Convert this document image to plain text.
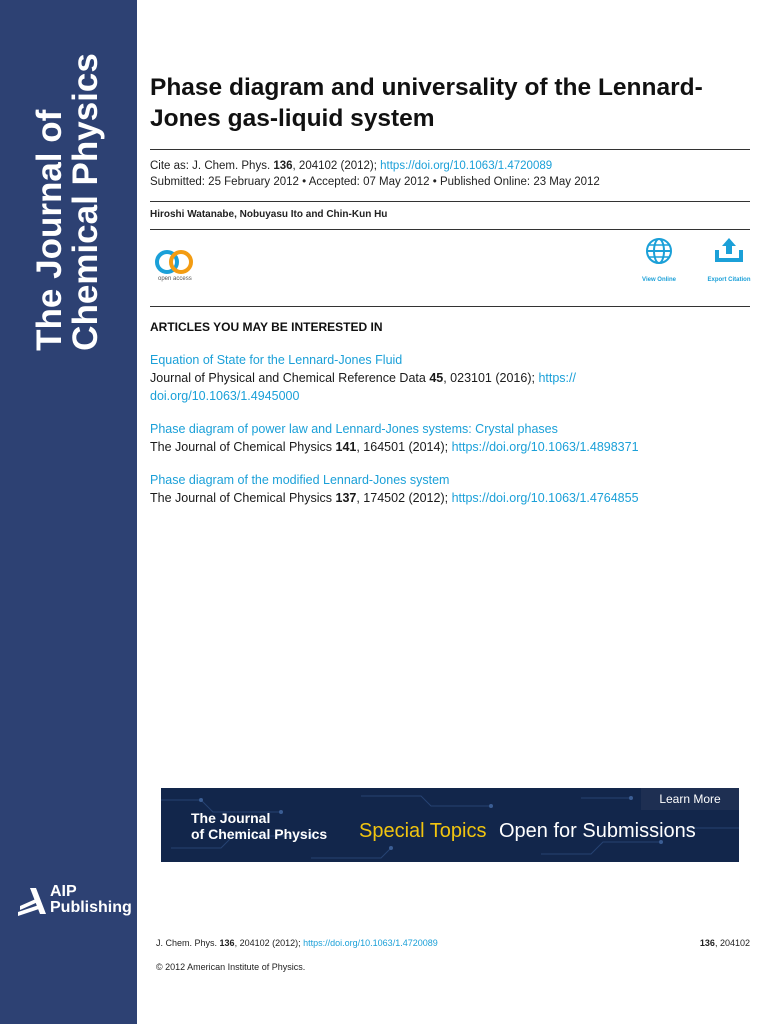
The Journal of
Chemical Physics
AIP
Publishing
Phase diagram and universality of the Lennard-Jones gas-liquid system
Cite as: J. Chem. Phys. 136, 204102 (2012); https://doi.org/10.1063/1.4720089
Submitted: 25 February 2012 • Accepted: 07 May 2012 • Published Online: 23 May 2012
Hiroshi Watanabe, Nobuyasu Ito and Chin-Kun Hu
open access	View Online	Export Citation
ARTICLES YOU MAY BE INTERESTED IN
Equation of State for the Lennard-Jones Fluid
Journal of Physical and Chemical Reference Data 45, 023101 (2016); https://
doi.org/10.1063/1.4945000
Phase diagram of power law and Lennard-Jones systems: Crystal phases
The Journal of Chemical Physics 141, 164501 (2014); https://doi.org/10.1063/1.4898371
Phase diagram of the modified Lennard-Jones system
The Journal of Chemical Physics 137, 174502 (2012); https://doi.org/10.1063/1.4764855
Learn More
The Journal
of Chemical Physics Special Topics Open for Submissions
J. Chem. Phys. 136, 204102 (2012); https://doi.org/10.1063/1.4720089	136, 204102
© 2012 American Institute of Physics.
